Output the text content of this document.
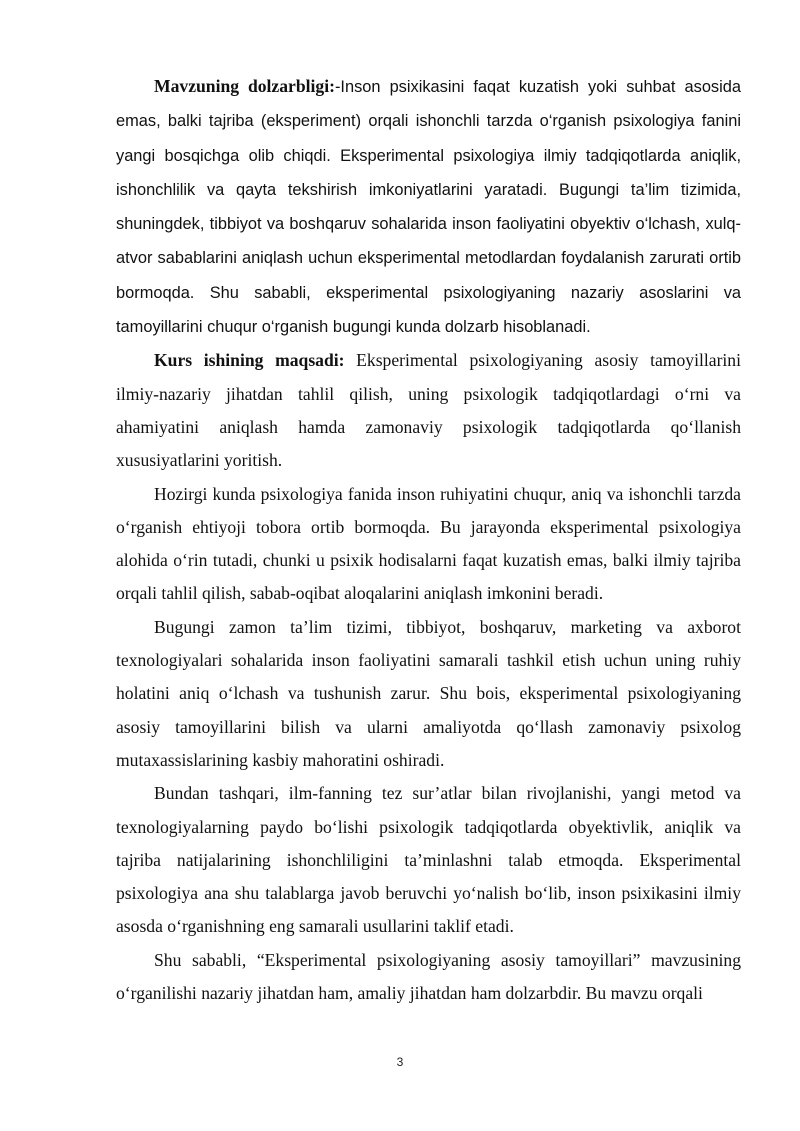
Mavzuning dolzarbligi:-Inson psixikasini faqat kuzatish yoki suhbat asosida emas, balki tajriba (eksperiment) orqali ishonchli tarzda o‘rganish psixologiya fanini yangi bosqichga olib chiqdi. Eksperimental psixologiya ilmiy tadqiqotlarda aniqlik, ishonchlilik va qayta tekshirish imkoniyatlarini yaratadi. Bugungi ta’lim tizimida, shuningdek, tibbiyot va boshqaruv sohalarida inson faoliyatini obyektiv o‘lchash, xulq-atvor sabablarini aniqlash uchun eksperimental metodlardan foydalanish zarurati ortib bormoqda. Shu sababli, eksperimental psixologiyaning nazariy asoslarini va tamoyillarini chuqur o‘rganish bugungi kunda dolzarb hisoblanadi.

Kurs ishining maqsadi: Eksperimental psixologiyaning asosiy tamoyillarini ilmiy-nazariy jihatdan tahlil qilish, uning psixologik tadqiqotlardagi o‘rni va ahamiyatini aniqlash hamda zamonaviy psixologik tadqiqotlarda qo‘llanish xususiyatlarini yoritish.

Hozirgi kunda psixologiya fanida inson ruhiyatini chuqur, aniq va ishonchli tarzda o‘rganish ehtiyoji tobora ortib bormoqda. Bu jarayonda eksperimental psixologiya alohida o‘rin tutadi, chunki u psixik hodisalarni faqat kuzatish emas, balki ilmiy tajriba orqali tahlil qilish, sabab-oqibat aloqalarini aniqlash imkonini beradi.

Bugungi zamon ta’lim tizimi, tibbiyot, boshqaruv, marketing va axborot texnologiyalari sohalarida inson faoliyatini samarali tashkil etish uchun uning ruhiy holatini aniq o‘lchash va tushunish zarur. Shu bois, eksperimental psixologiyaning asosiy tamoyillarini bilish va ularni amaliyotda qo‘llash zamonaviy psixolog mutaxassislarining kasbiy mahoratini oshiradi.

Bundan tashqari, ilm-fanning tez sur’atlar bilan rivojlanishi, yangi metod va texnologiyalarning paydo bo‘lishi psixologik tadqiqotlarda obyektivlik, aniqlik va tajriba natijalarining ishonchliligini ta’minlashni talab etmoqda. Eksperimental psixologiya ana shu talablarga javob beruvchi yo‘nalish bo‘lib, inson psixikasini ilmiy asosda o‘rganishning eng samarali usullarini taklif etadi.

Shu sababli, “Eksperimental psixologiyaning asosiy tamoyillari” mavzusining o‘rganilishi nazariy jihatdan ham, amaliy jihatdan ham dolzarbdir. Bu mavzu orqali

3
